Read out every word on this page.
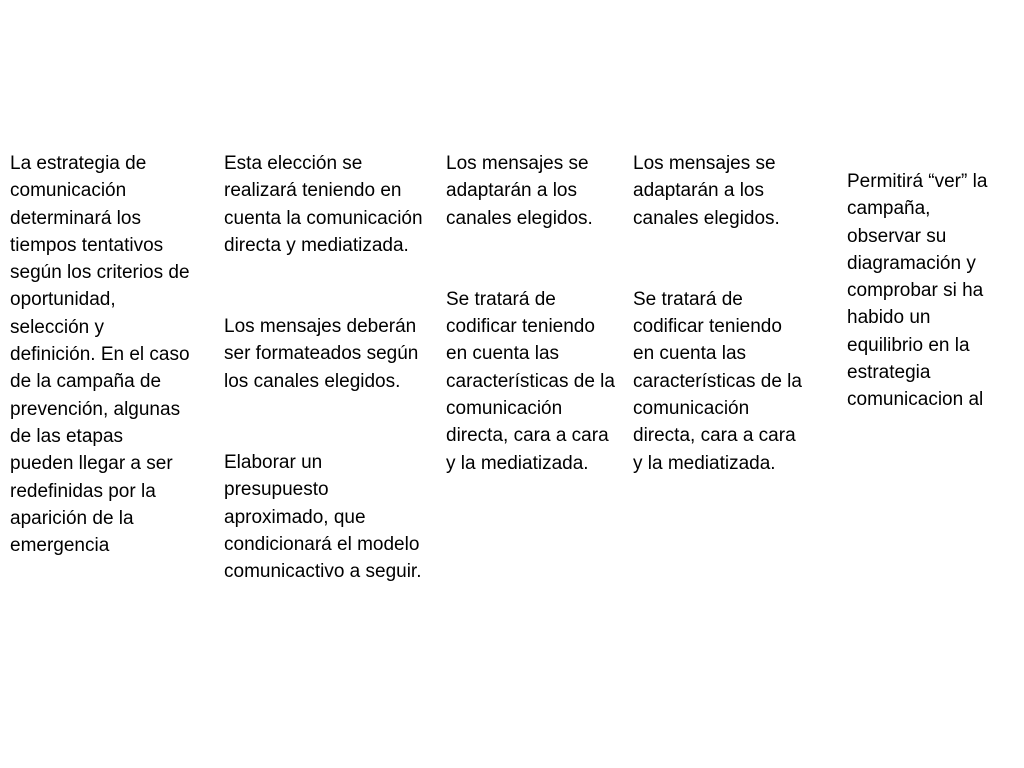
La estrategia de comunicación determinará los tiempos tentativos según los criterios de oportunidad, selección y definición. En el caso de la campaña de prevención, algunas de las etapas pueden llegar a ser redefinidas por la aparición de la emergencia

Esta elección se realizará teniendo en cuenta la comunicación directa y mediatizada.

Los mensajes deberán ser formateados según los canales elegidos.

Elaborar un presupuesto aproximado, que condicionará el modelo comunicactivo a seguir.

Los mensajes se adaptarán a los canales elegidos.

Se tratará de codificar teniendo en cuenta las características de la comunicación directa, cara a cara y la mediatizada.

Los mensajes se adaptarán a los canales elegidos.

Se tratará de codificar teniendo en cuenta las características de la comunicación directa, cara a cara y la mediatizada.

Permitirá “ver” la campaña, observar su diagramación y comprobar si ha habido un equilibrio en la estrategia comunicacion al
